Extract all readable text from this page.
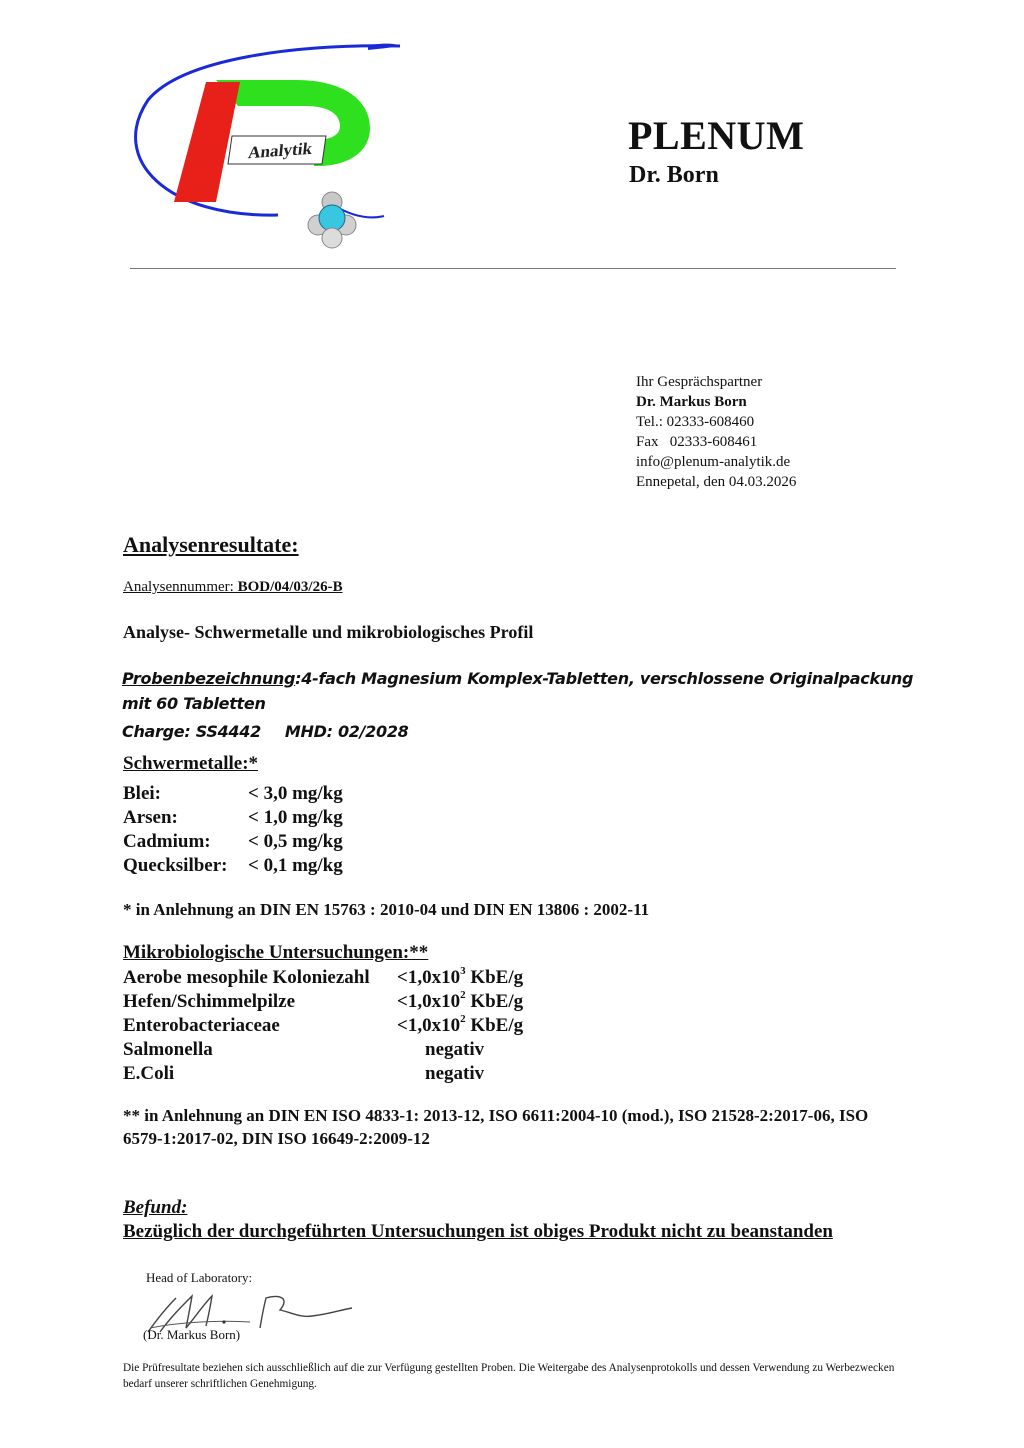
Analytik	PLENUM
Dr. Born
Ihr Gesprächspartner
Dr. Markus Born
Tel.: 02333-608460
Fax   02333-608461
info@plenum-analytik.de
Ennepetal, den 04.03.2026
Analysenresultate:
Analysennummer: BOD/04/03/26-B
Analyse- Schwermetalle und mikrobiologisches Profil
Probenbezeichnung:4-fach Magnesium Komplex-Tabletten, verschlossene Originalpackung mit 60 Tabletten
Charge: SS4442 MHD: 02/2028
Schwermetalle:*
Blei:	< 3,0 mg/kg
Arsen:	< 1,0 mg/kg
Cadmium:	< 0,5 mg/kg
Quecksilber:	< 0,1 mg/kg
* in Anlehnung an DIN EN 15763 : 2010-04 und DIN EN 13806 : 2002-11
Mikrobiologische Untersuchungen:**
Aerobe mesophile Koloniezahl	$<1,0x10^3$ KbE/g
Hefen/Schimmelpilze	$<1,0x10^2$ KbE/g
Enterobacteriaceae	$<1,0x10^2$ KbE/g
Salmonella	negativ
E.Coli	negativ
** in Anlehnung an DIN EN ISO 4833-1: 2013-12, ISO 6611:2004-10 (mod.), ISO 21528-2:2017-06, ISO 6579-1:2017-02, DIN ISO 16649-2:2009-12
Befund:
Bezüglich der durchgeführten Untersuchungen ist obiges Produkt nicht zu beanstanden
Head of Laboratory:
(Dr. Markus Born)
Die Prüfresultate beziehen sich ausschließlich auf die zur Verfügung gestellten Proben. Die Weitergabe des Analysenprotokolls und dessen Verwendung zu Werbezwecken bedarf unserer schriftlichen Genehmigung.
